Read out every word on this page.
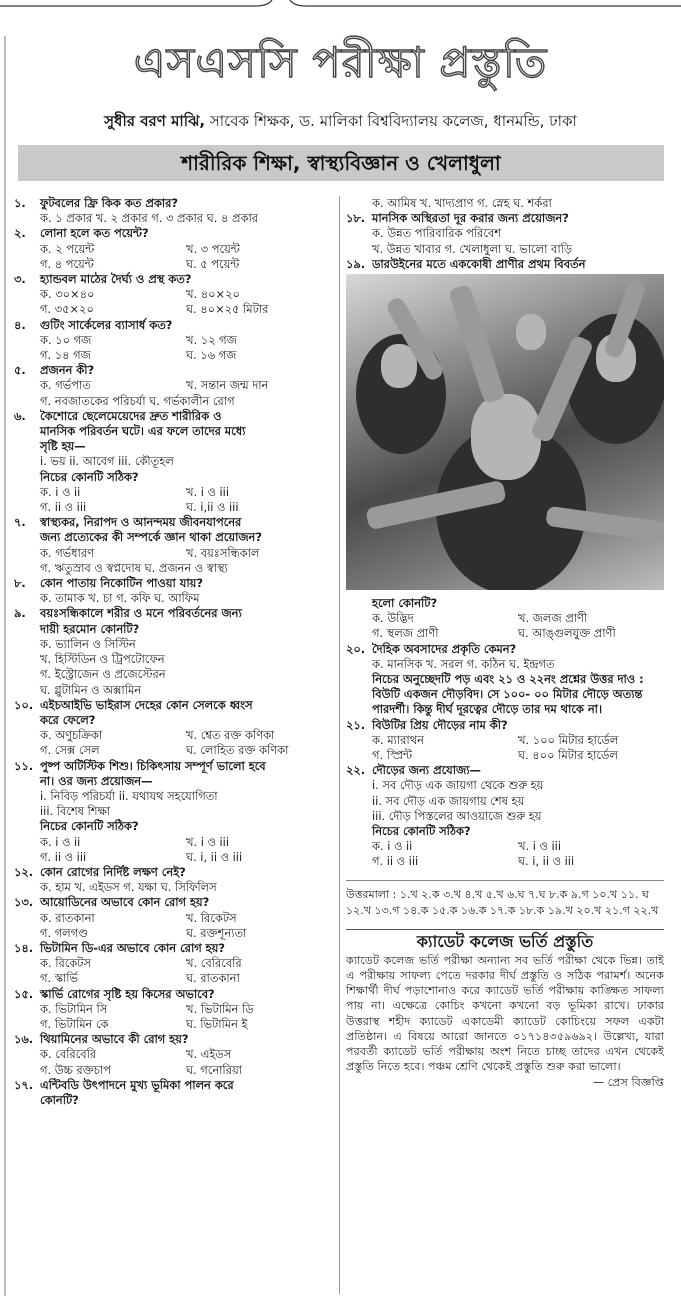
এসএসসি পরীক্ষা প্রস্তুতি
সুধীর বরণ মাঝি, সাবেক শিক্ষক, ড. মালিকা বিশ্ববিদ্যালয় কলেজ, ধানমন্ডি, ঢাকা
শারীরিক শিক্ষা, স্বাস্থ্যবিজ্ঞান ও খেলাধুলা
১.	ফুটবলের ফ্রি কিক কত প্রকার?
ক. ১ প্রকার খ. ২ প্রকার গ. ৩ প্রকার ঘ. ৪ প্রকার
২.	লোনা হলে কত পয়েন্ট?
ক. ২ পয়েন্ট	খ. ৩ পয়েন্ট
গ. ৪ পয়েন্ট	ঘ. ৫ পয়েন্ট
৩.	হ্যান্ডবল মাঠের দৈর্ঘ্য ও প্রস্থ কত?
ক. ৩০×৪০	খ. ৪০×২০
গ. ৩৫×২০	ঘ. ৪০×২৫ মিটার
৪.	গুটিং সার্কেলের ব্যাসার্ধ কত?
ক. ১০ গজ	খ. ১২ গজ
গ. ১৪ গজ	ঘ. ১৬ গজ
৫.	প্রজনন কী?
ক. গর্ভপাত	খ. সন্তান জন্ম দান
গ. নবজাতকের পরিচর্যা ঘ. গর্ভকালীন রোগ
৬.	কৈশোরে ছেলেমেয়েদের দ্রুত শারীরিক ও
মানসিক পরিবর্তন ঘটে। এর ফলে তাদের মধ্যে
সৃষ্টি হয়—
i. ভয় ii. আবেগ iii. কৌতূহল
নিচের কোনটি সঠিক?
ক. i ও ii	খ. i ও iii
গ. ii ও iii	ঘ. i,ii ও iii
৭.	স্বাস্থ্যকর, নিরাপদ ও আনন্দময় জীবনযাপনের
জন্য প্রত্যেকের কী সম্পর্কে জ্ঞান থাকা প্রয়োজন?
ক. গর্ভধারণ	খ. বয়ঃসন্ধিকাল
গ. ঋতুস্রাব ও স্বপ্নদোষ ঘ. প্রজনন ও স্বাস্থ্য
৮.	কোন পাতায় নিকোটিন পাওয়া যায়?
ক. তামাক খ. চা গ. কফি ঘ. আফিম
৯.	বয়ঃসন্ধিকালে শরীর ও মনে পরিবর্তনের জন্য
দায়ী হরমোন কোনটি?
ক. ভ্যালিন ও সিস্টিন
খ. হিস্টিডিন ও ট্রিপটোফেন
গ. ইস্ট্রোজেন ও প্রজেস্টেরন
ঘ. গ্লুটামিন ও অক্সামিন
১০. এইচআইভি ভাইরাস দেহের কোন সেলকে ধ্বংস
করে ফেলে?
ক. অণুচক্রিকা	খ. শ্বেত রক্ত কণিকা
গ. সেক্স সেল	ঘ. লোহিত রক্ত কণিকা
১১. পুষ্প অটিস্টিক শিশু। চিকিৎসায় সম্পূর্ণ ভালো হবে
না। ওর জন্য প্রয়োজন—
i. নিবিড় পরিচর্যা ii. যথাযথ সহযোগিতা
iii. বিশেষ শিক্ষা
নিচের কোনটি সঠিক?
ক. i ও ii	খ. i ও iii
গ. ii ও iii	ঘ. i, ii ও iii
১২. কোন রোগের নির্দিষ্ট লক্ষণ নেই?
ক. হাম খ. এইডস গ. যক্ষা ঘ. সিফিলিস
১৩. আয়োডিনের অভাবে কোন রোগ হয়?
ক. রাতকানা	খ. রিকেটস
গ. গলগণ্ড	ঘ. রক্তশূন্যতা
১৪. ভিটামিন ডি-এর অভাবে কোন রোগ হয়?
ক. রিকেটস	খ. বেরিবেরি
গ. স্কার্ভি	ঘ. রাতকানা
১৫. স্কার্ভি রোগের সৃষ্টি হয় কিসের অভাবে?
ক. ভিটামিন সি	খ. ভিটামিন ডি
গ. ভিটামিন কে	ঘ. ভিটামিন ই
১৬. থিয়ামিনের অভাবে কী রোগ হয়?
ক. বেরিবেরি	খ. এইডস
গ. উচ্চ রক্তচাপ	ঘ. গনোরিয়া
১৭. এন্টিবডি উৎপাদনে মুখ্য ভূমিকা পালন করে
কোনটি?
ক. আমিষ খ. খাদ্যপ্রাণ গ. স্নেহ ঘ. শর্করা
১৮. মানসিক অস্থিরতা দূর করার জন্য প্রয়োজন?
ক. উন্নত পারিবারিক পরিবেশ
খ. উন্নত খাবার গ. খেলাধুলা ঘ. ভালো বাড়ি
১৯. ডারউইনের মতে এককোষী প্রাণীর প্রথম বিবর্তন
হলো কোনটি?
ক. উদ্ভিদ	খ. জলজ প্রাণী
গ. স্থলজ প্রাণী	ঘ. আঙ্গুলযুক্ত প্রাণী
২০. দৈহিক অবসাদের প্রকৃতি কেমন?
ক. মানসিক খ. সরল গ. কঠিন ঘ. ইন্দ্রগত
নিচের অনুচ্ছেদটি পড় এবং ২১ ও ২২নং প্রশ্নের উত্তর দাও :
বিউটি একজন দৌড়বিদ। সে ১০০- ০০ মিটার দৌড়ে অত্যন্ত পারদর্শী। কিন্তু দীর্ঘ দূরত্বের দৌড়ে তার দম থাকে না।
২১. বিউটির প্রিয় দৌড়ের নাম কী?
ক. ম্যারাথন	খ. ১০০ মিটার হার্ডেল
গ. স্প্রিন্ট	ঘ. ৪০০ মিটার হার্ডেল
২২. দৌড়ের জন্য প্রযোজ্য—
i. সব দৌড় এক জায়গা থেকে শুরু হয়
ii. সব দৌড় এক জায়গায় শেষ হয়
iii. দৌড় পিস্তলের আওয়াজে শুরু হয়
নিচের কোনটি সঠিক?
ক. i ও ii	খ. i ও iii
গ. ii ও iii	ঘ. i, ii ও iii
উত্তরমালা : ১.খ ২.ক ৩.খ ৪.খ ৫.খ ৬.ঘ ৭.ঘ ৮.ক ৯.গ ১০.খ ১১. ঘ ১২.খ ১৩.গ ১৪.ক ১৫.ক ১৬.ক ১৭.ক ১৮.ক ১৯.খ ২০.খ ২১.গ ২২.খ
ক্যাডেট কলেজ ভর্তি প্রস্তুতি
ক্যাডেট কলেজ ভর্তি পরীক্ষা অন্যান্য সব ভর্তি পরীক্ষা থেকে ভিন্ন। তাই এ পরীক্ষায় সাফল্য পেতে দরকার দীর্ঘ প্রস্তুতি ও সঠিক পরামর্শ। অনেক শিক্ষার্থী দীর্ঘ পড়াশোনাও করে ক্যাডেট ভর্তি পরীক্ষায় কাঙ্ক্ষিত সাফল্য পায় না। এক্ষেত্রে কোচিং কখনো কখনো বড় ভূমিকা রাখে। ঢাকার উত্তরাস্থ শহীদ ক্যাডেট একাডেমী ক্যাডেট কোচিংয়ে সফল একটা প্রতিষ্ঠান। এ বিষয়ে আরো জানতে ০১৭১৪৩৫৯৬৯২। উল্লেখ্য, যারা পরবর্তী ক্যাডেট ভর্তি পরীক্ষায় অংশ নিতে চাচ্ছ তাদের এখন থেকেই প্রস্তুতি নিতে হবে। পঞ্চম শ্রেণি থেকেই প্রস্তুতি শুরু করা ভালো।
— প্রেস বিজ্ঞপ্তি
